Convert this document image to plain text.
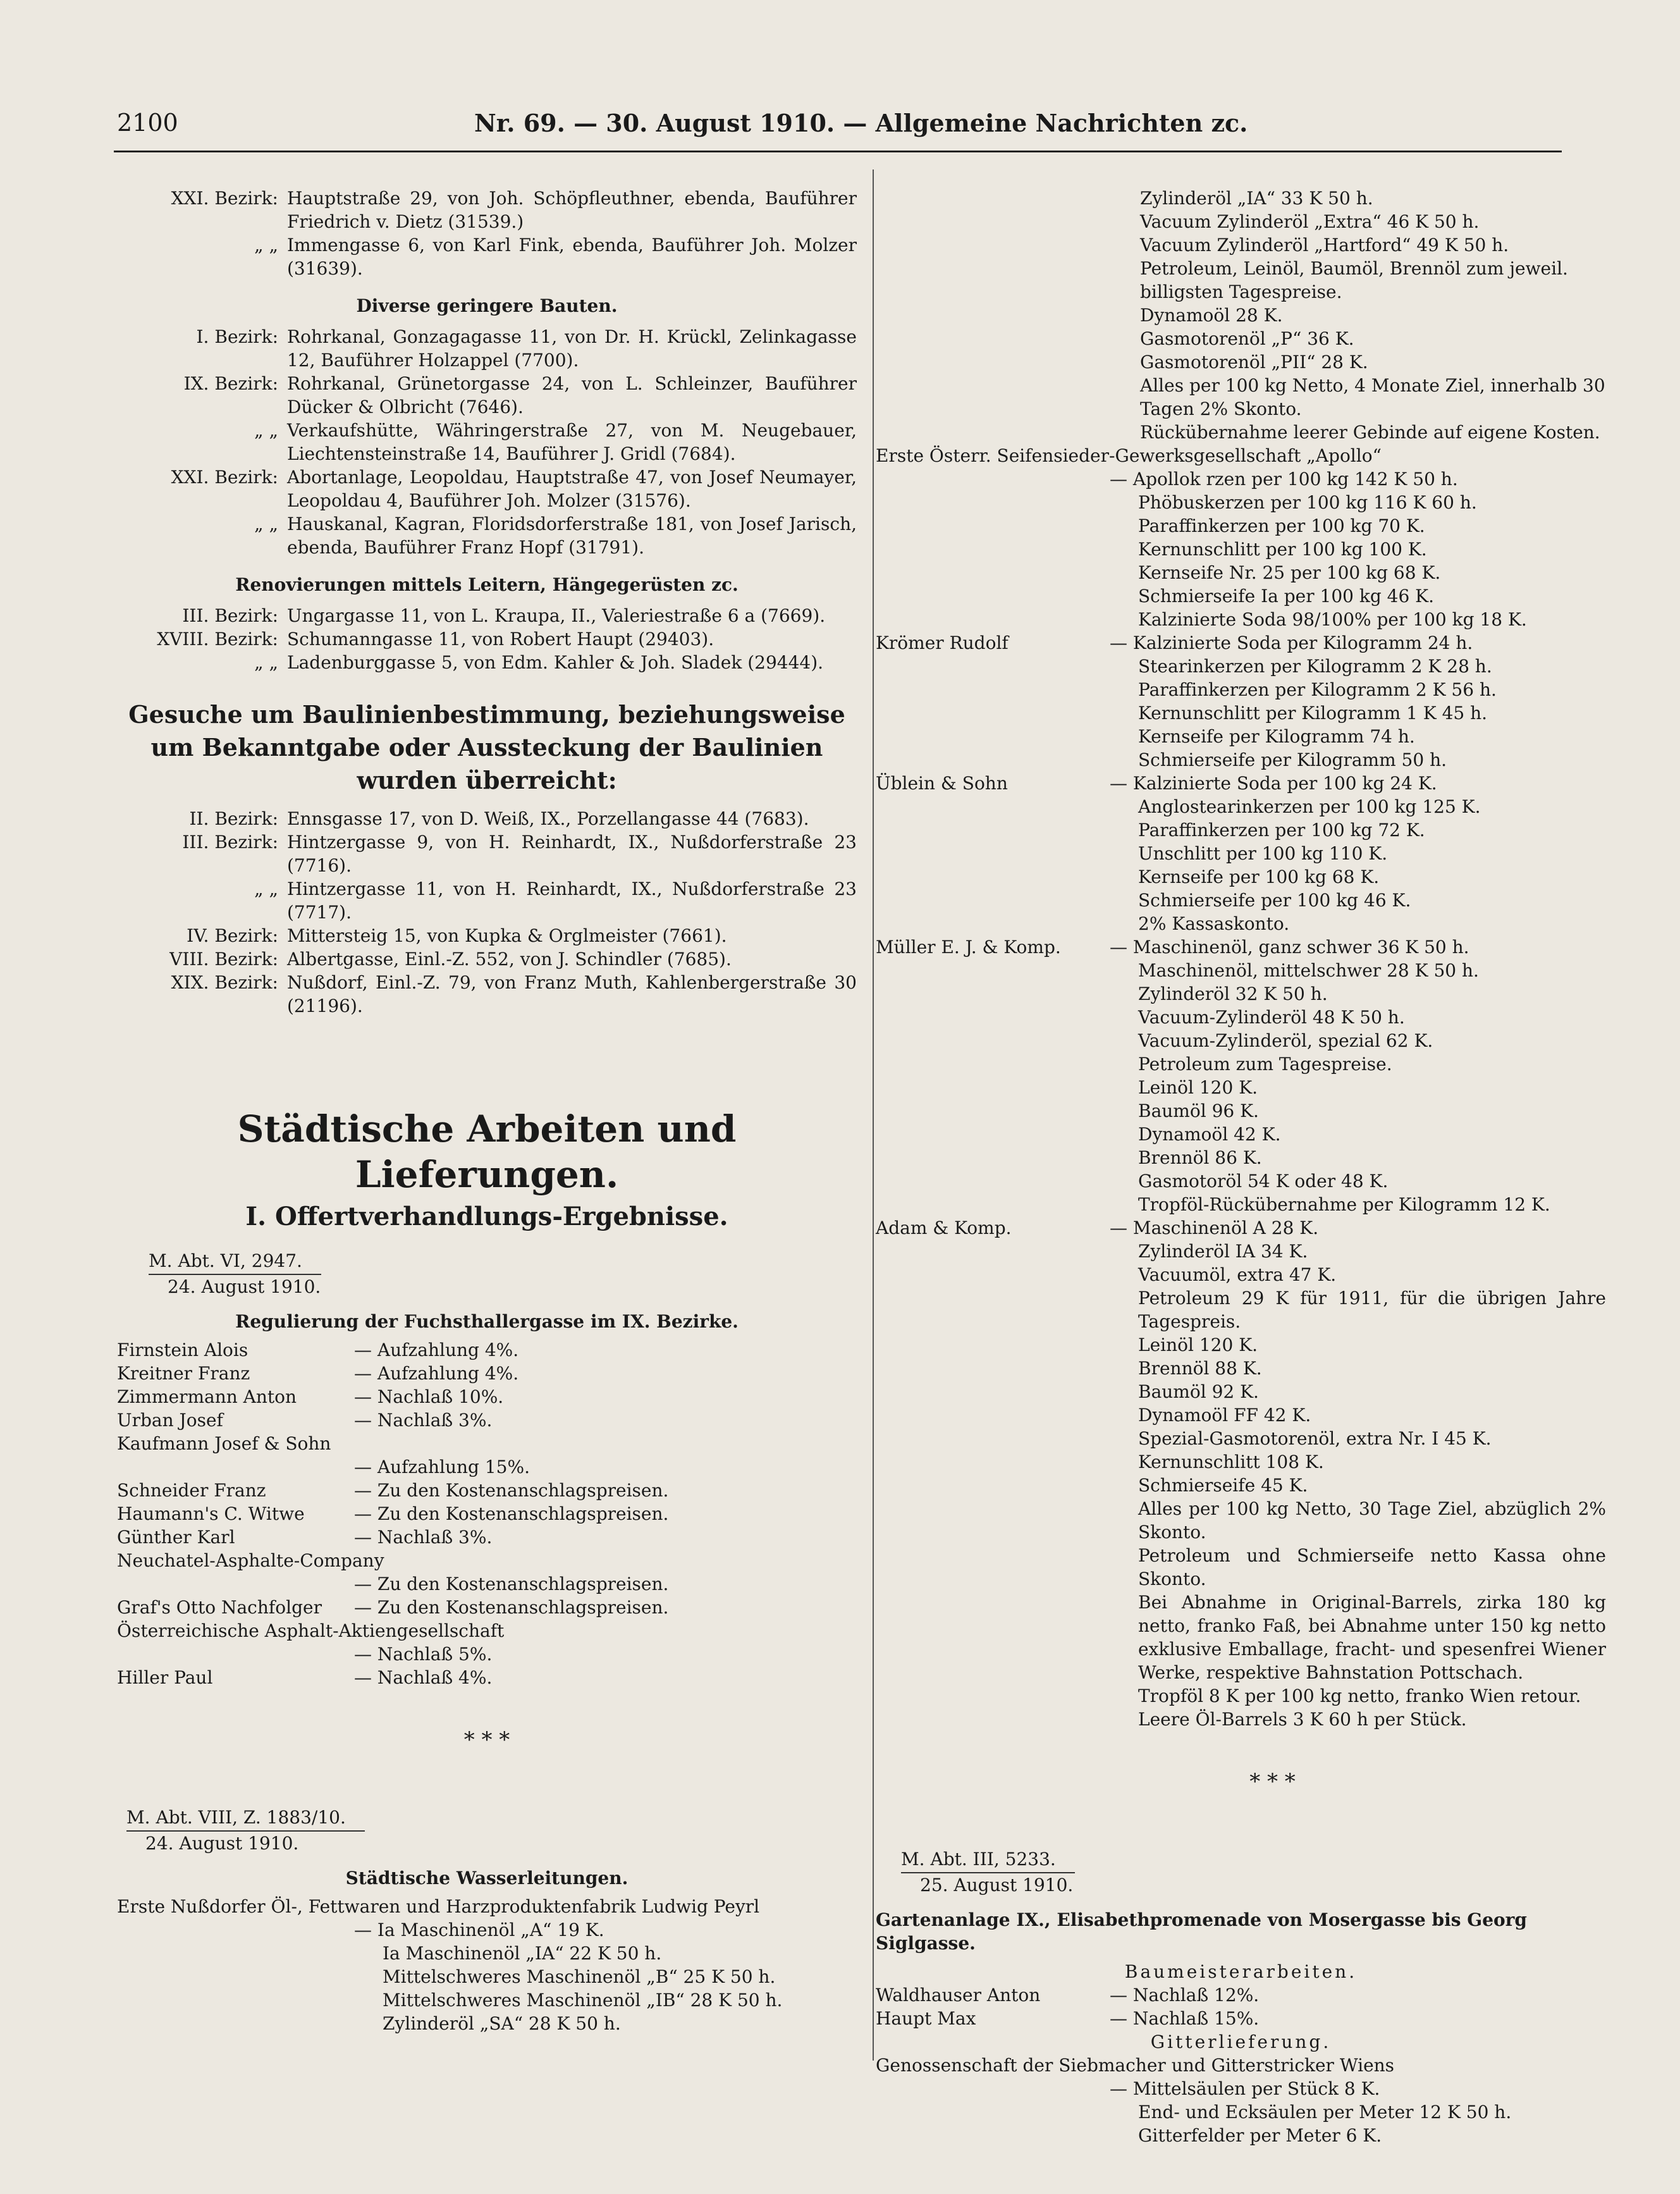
2100	Nr. 69. — 30. August 1910. — Allgemeine Nachrichten zc.
XXI. Bezirk: Hauptstraße 29, von Joh. Schöpfleuthner, ebenda, Bauführer Friedrich v. Dietz (31539.)
„ „ Immengasse 6, von Karl Fink, ebenda, Bauführer Joh. Molzer (31639).
Diverse geringere Bauten.
I. Bezirk: Rohrkanal, Gonzagagasse 11, von Dr. H. Krückl, Zelinkagasse 12, Bauführer Holzappel (7700).
IX. Bezirk: Rohrkanal, Grünetorgasse 24, von L. Schleinzer, Bauführer Dücker & Olbricht (7646).
„ „ Verkaufshütte, Währingerstraße 27, von M. Neugebauer, Liechtensteinstraße 14, Bauführer J. Gridl (7684).
XXI. Bezirk: Abortanlage, Leopoldau, Hauptstraße 47, von Josef Neumayer, Leopoldau 4, Bauführer Joh. Molzer (31576).
„ „ Hauskanal, Kagran, Floridsdorferstraße 181, von Josef Jarisch, ebenda, Bauführer Franz Hopf (31791).
Renovierungen mittels Leitern, Hängegerüsten zc.
III. Bezirk: Ungargasse 11, von L. Kraupa, II., Valeriestraße 6 a (7669).
XVIII. Bezirk: Schumanngasse 11, von Robert Haupt (29403).
„ „ Ladenburggasse 5, von Edm. Kahler & Joh. Sladek (29444).
Gesuche um Baulinienbestimmung, beziehungsweise um Bekanntgabe oder Aussteckung der Baulinien wurden überreicht:
II. Bezirk: Ennsgasse 17, von D. Weiß, IX., Porzellangasse 44 (7683).
III. Bezirk: Hintzergasse 9, von H. Reinhardt, IX., Nußdorferstraße 23 (7716).
„ „ Hintzergasse 11, von H. Reinhardt, IX., Nußdorferstraße 23 (7717).
IV. Bezirk: Mittersteig 15, von Kupka & Orglmeister (7661).
VIII. Bezirk: Albertgasse, Einl.-Z. 552, von J. Schindler (7685).
XIX. Bezirk: Nußdorf, Einl.-Z. 79, von Franz Muth, Kahlenbergerstraße 30 (21196).
Städtische Arbeiten und Lieferungen.
I. Offertverhandlungs-Ergebnisse.
M. Abt. VI, 2947.
24. August 1910.
Regulierung der Fuchsthallergasse im IX. Bezirke.
Firnstein Alois	— Aufzahlung 4%.
Kreitner Franz	— Aufzahlung 4%.
Zimmermann Anton	— Nachlaß 10%.
Urban Josef	— Nachlaß 3%.
Kaufmann Josef & Sohn
— Aufzahlung 15%.
Schneider Franz	— Zu den Kostenanschlagspreisen.
Haumann's C. Witwe	— Zu den Kostenanschlagspreisen.
Günther Karl	— Nachlaß 3%.
Neuchatel-Asphalte-Company
— Zu den Kostenanschlagspreisen.
Graf's Otto Nachfolger	— Zu den Kostenanschlagspreisen.
Österreichische Asphalt-Aktiengesellschaft
— Nachlaß 5%.
Hiller Paul	— Nachlaß 4%.
* * *
M. Abt. VIII, Z. 1883/10.
24. August 1910.
Städtische Wasserleitungen.
Erste Nußdorfer Öl-, Fettwaren und Harzproduktenfabrik Ludwig Peyrl
— Ia Maschinenöl „A“ 19 K.
Ia Maschinenöl „IA“ 22 K 50 h.
Mittelschweres Maschinenöl „B“ 25 K 50 h.
Mittelschweres Maschinenöl „IB“ 28 K 50 h.
Zylinderöl „SA“ 28 K 50 h.
Zylinderöl „IA“ 33 K 50 h.
Vacuum Zylinderöl „Extra“ 46 K 50 h.
Vacuum Zylinderöl „Hartford“ 49 K 50 h.
Petroleum, Leinöl, Baumöl, Brennöl zum jeweil. billigsten Tagespreise.
Dynamoöl 28 K.
Gasmotorenöl „P“ 36 K.
Gasmotorenöl „PII“ 28 K.
Alles per 100 kg Netto, 4 Monate Ziel, innerhalb 30 Tagen 2% Skonto.
Rückübernahme leerer Gebinde auf eigene Kosten.
Erste Österr. Seifensieder-Gewerksgesellschaft „Apollo“
— Apollok rzen per 100 kg 142 K 50 h.
Phöbuskerzen per 100 kg 116 K 60 h.
Paraffinkerzen per 100 kg 70 K.
Kernunschlitt per 100 kg 100 K.
Kernseife Nr. 25 per 100 kg 68 K.
Schmierseife Ia per 100 kg 46 K.
Kalzinierte Soda 98/100% per 100 kg 18 K.
Krömer Rudolf	— Kalzinierte Soda per Kilogramm 24 h.
Stearinkerzen per Kilogramm 2 K 28 h.
Paraffinkerzen per Kilogramm 2 K 56 h.
Kernunschlitt per Kilogramm 1 K 45 h.
Kernseife per Kilogramm 74 h.
Schmierseife per Kilogramm 50 h.
Üblein & Sohn	— Kalzinierte Soda per 100 kg 24 K.
Anglostearinkerzen per 100 kg 125 K.
Paraffinkerzen per 100 kg 72 K.
Unschlitt per 100 kg 110 K.
Kernseife per 100 kg 68 K.
Schmierseife per 100 kg 46 K.
2% Kassaskonto.
Müller E. J. & Komp.	— Maschinenöl, ganz schwer 36 K 50 h.
Maschinenöl, mittelschwer 28 K 50 h.
Zylinderöl 32 K 50 h.
Vacuum-Zylinderöl 48 K 50 h.
Vacuum-Zylinderöl, spezial 62 K.
Petroleum zum Tagespreise.
Leinöl 120 K.
Baumöl 96 K.
Dynamoöl 42 K.
Brennöl 86 K.
Gasmotoröl 54 K oder 48 K.
Tropföl-Rückübernahme per Kilogramm 12 K.
Adam & Komp.	— Maschinenöl A 28 K.
Zylinderöl IA 34 K.
Vacuumöl, extra 47 K.
Petroleum 29 K für 1911, für die übrigen Jahre Tagespreis.
Leinöl 120 K.
Brennöl 88 K.
Baumöl 92 K.
Dynamoöl FF 42 K.
Spezial-Gasmotorenöl, extra Nr. I 45 K.
Kernunschlitt 108 K.
Schmierseife 45 K.
Alles per 100 kg Netto, 30 Tage Ziel, abzüglich 2% Skonto.
Petroleum und Schmierseife netto Kassa ohne Skonto.
Bei Abnahme in Original-Barrels, zirka 180 kg netto, franko Faß, bei Abnahme unter 150 kg netto exklusive Emballage, fracht- und spesenfrei Wiener Werke, respektive Bahnstation Pottschach.
Tropföl 8 K per 100 kg netto, franko Wien retour.
Leere Öl-Barrels 3 K 60 h per Stück.
* * *
M. Abt. III, 5233.
25. August 1910.
Gartenanlage IX., Elisabethpromenade von Mosergasse bis Georg Siglgasse.
Baumeisterarbeiten.
Waldhauser Anton	— Nachlaß 12%.
Haupt Max	— Nachlaß 15%.
Gitterlieferung.
Genossenschaft der Siebmacher und Gitterstricker Wiens
— Mittelsäulen per Stück 8 K.
End- und Ecksäulen per Meter 12 K 50 h.
Gitterfelder per Meter 6 K.
